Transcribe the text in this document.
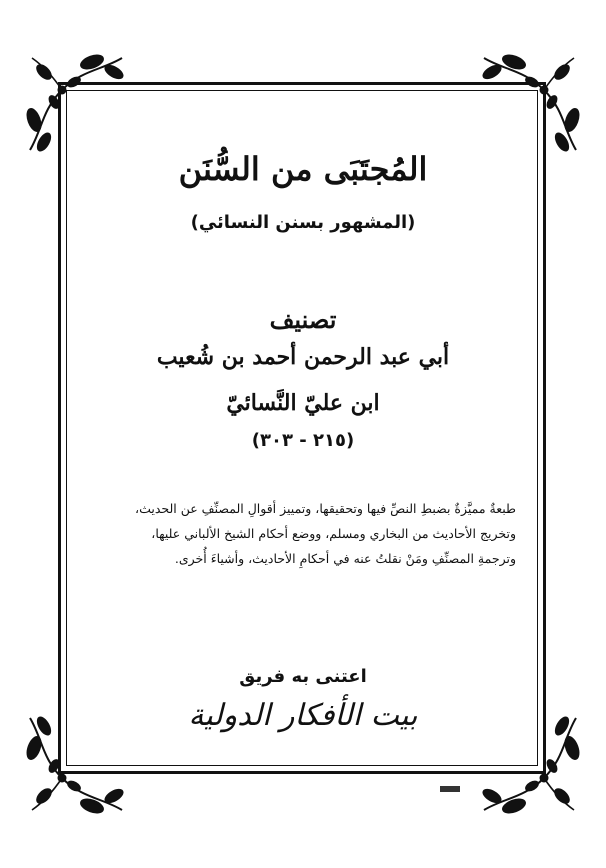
المُجتَبَى من السُّنَن
(المشهور بسنن النسائي)
تصنيف
أبي عبد الرحمن أحمد بن شُعيب
ابن عليّ النَّسائيّ
(٢١٥ - ٣٠٣)
طبعةٌ مميَّزةٌ بضبطِ النصِّ فيها وتحقيقها، وتمييز أقوالِ المصنِّفِ عن الحديث،
وتخريج الأحاديث من البخاري ومسلم، ووضع أحكام الشيخ الألباني عليها،
وترجمةِ المصنِّفِ ومَنْ نقلتُ عنه في أحكامِ الأحاديث، وأشياءَ أُخرى.
اعتنى به فريق
بيت الأفكار الدولية
